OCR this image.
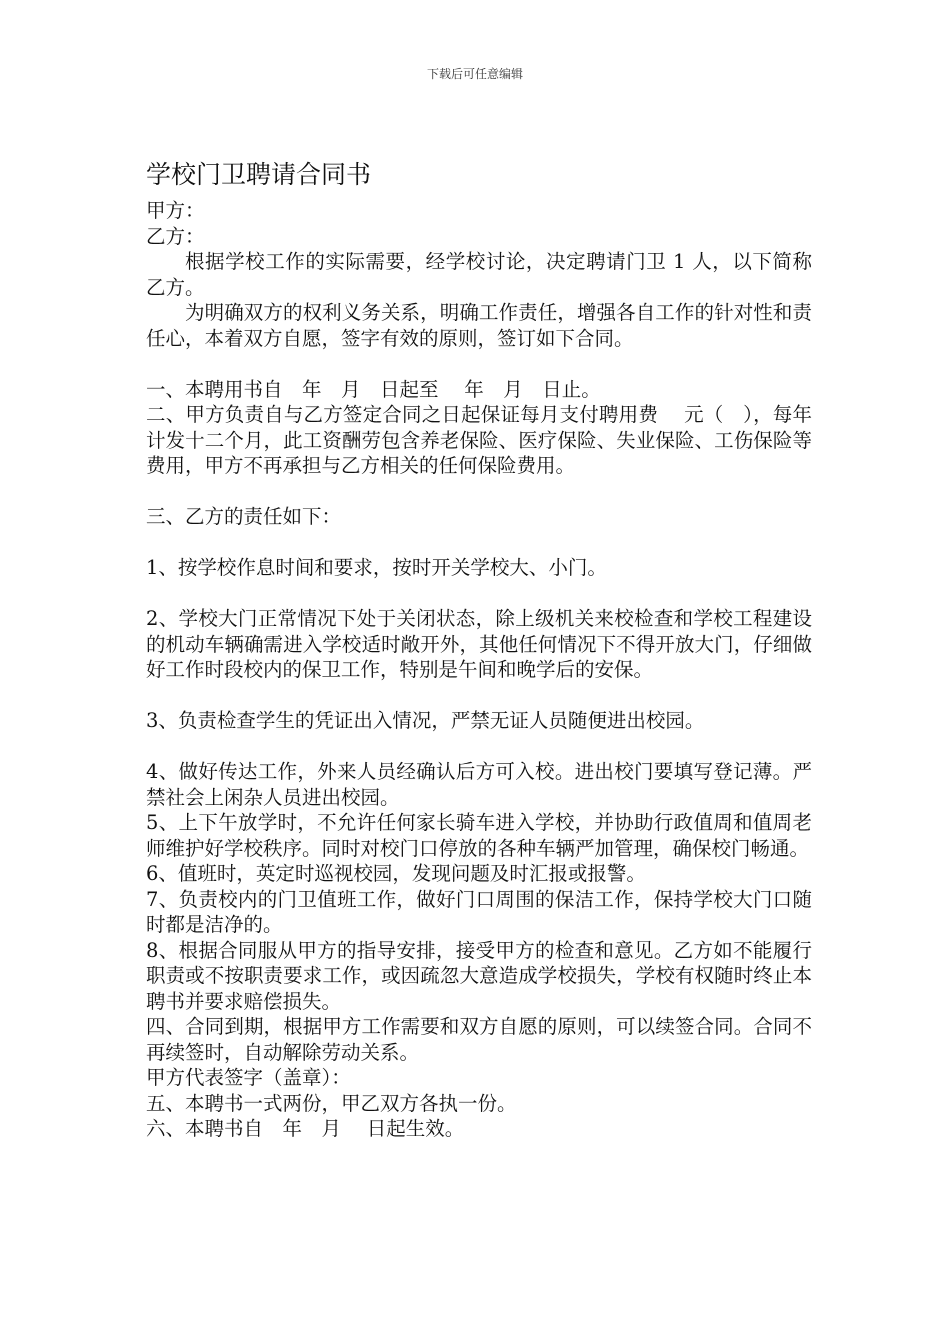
下载后可任意编辑
学校门卫聘请合同书

甲方：

乙方：

根据学校工作的实际需要，经学校讨论，决定聘请门卫 1 人，以下简称乙方。

为明确双方的权利义务关系，明确工作责任，增强各自工作的针对性和责任心，本着双方自愿，签字有效的原则，签订如下合同。

一、本聘用书自　年　月　日起至　 年　月　日止。

二、甲方负责自与乙方签定合同之日起保证每月支付聘用费　 元（　），每年计发十二个月，此工资酬劳包含养老保险、医疗保险、失业保险、工伤保险等费用，甲方不再承担与乙方相关的任何保险费用。

三、乙方的责任如下：

1、按学校作息时间和要求，按时开关学校大、小门。

2、学校大门正常情况下处于关闭状态，除上级机关来校检查和学校工程建设的机动车辆确需进入学校适时敞开外，其他任何情况下不得开放大门，仔细做好工作时段校内的保卫工作，特别是午间和晚学后的安保。

3、负责检查学生的凭证出入情况，严禁无证人员随便进出校园。

4、做好传达工作，外来人员经确认后方可入校。进出校门要填写登记薄。严禁社会上闲杂人员进出校园。

5、上下午放学时，不允许任何家长骑车进入学校，并协助行政值周和值周老师维护好学校秩序。同时对校门口停放的各种车辆严加管理，确保校门畅通。

6、值班时，英定时巡视校园，发现问题及时汇报或报警。

7、负责校内的门卫值班工作，做好门口周围的保洁工作，保持学校大门口随时都是洁净的。

8、根据合同服从甲方的指导安排，接受甲方的检查和意见。乙方如不能履行职责或不按职责要求工作，或因疏忽大意造成学校损失，学校有权随时终止本聘书并要求赔偿损失。

四、合同到期，根据甲方工作需要和双方自愿的原则，可以续签合同。合同不再续签时，自动解除劳动关系。

甲方代表签字（盖章）：

五、本聘书一式两份，甲乙双方各执一份。

六、本聘书自　年　月　 日起生效。
